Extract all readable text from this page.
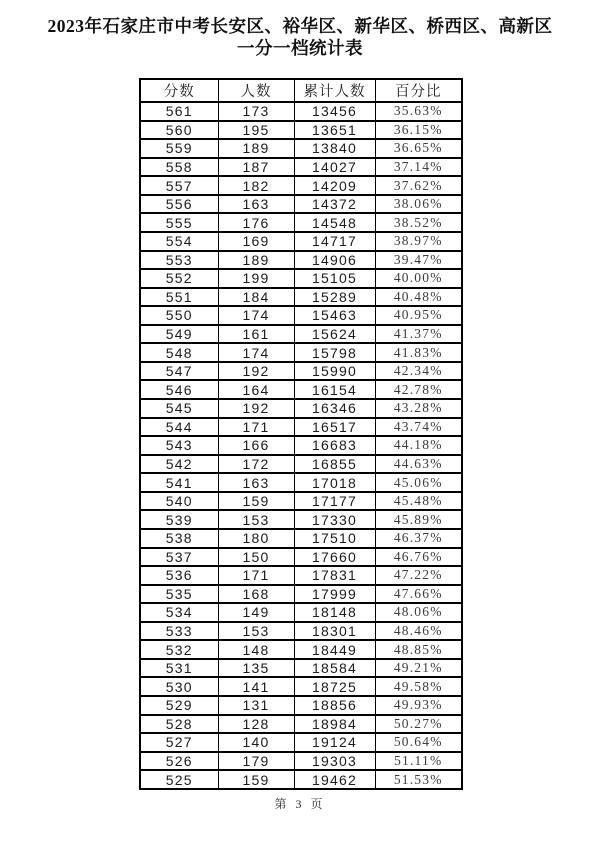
2023年石家庄市中考长安区、裕华区、新华区、桥西区、高新区
一分一档统计表
分数	人数	累计人数	百分比
561	173	13456	35.63%
560	195	13651	36.15%
559	189	13840	36.65%
558	187	14027	37.14%
557	182	14209	37.62%
556	163	14372	38.06%
555	176	14548	38.52%
554	169	14717	38.97%
553	189	14906	39.47%
552	199	15105	40.00%
551	184	15289	40.48%
550	174	15463	40.95%
549	161	15624	41.37%
548	174	15798	41.83%
547	192	15990	42.34%
546	164	16154	42.78%
545	192	16346	43.28%
544	171	16517	43.74%
543	166	16683	44.18%
542	172	16855	44.63%
541	163	17018	45.06%
540	159	17177	45.48%
539	153	17330	45.89%
538	180	17510	46.37%
537	150	17660	46.76%
536	171	17831	47.22%
535	168	17999	47.66%
534	149	18148	48.06%
533	153	18301	48.46%
532	148	18449	48.85%
531	135	18584	49.21%
530	141	18725	49.58%
529	131	18856	49.93%
528	128	18984	50.27%
527	140	19124	50.64%
526	179	19303	51.11%
525	159	19462	51.53%
第 3 页
